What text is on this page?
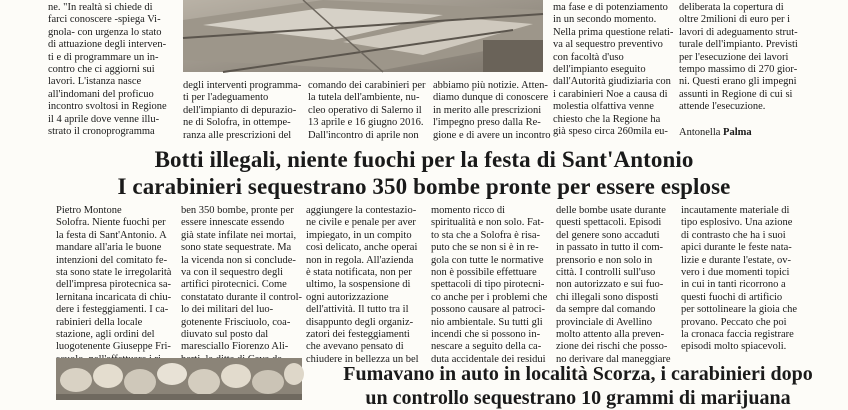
ne. "In realtà si chiede di
farci conoscere -spiega Vi-
gnola- con urgenza lo stato
di attuazione degli interven-
ti e di programmare un in-
contro che ci aggiorni sui
lavori. L'istanza nasce
all'indomani del proficuo
incontro svoltosi in Regione
il 4 aprile dove venne illu-
strato il cronoprogramma

degli interventi programma-
ti per l'adeguamento
dell'impianto di depurazio-
ne di Solofra, in ottempe-
ranza alle prescrizioni del

comando dei carabinieri per
la tutela dell'ambiente, nu-
cleo operativo di Salerno il
13 aprile e 16 giugno 2016.
Dall'incontro di aprile non

abbiamo più notizie. Atten-
diamo dunque di conoscere
in merito alle prescrizioni
l'impegno preso dalla Re-
gione e di avere un incontro

ma fase e di potenziamento
in un secondo momento.
Nella prima questione relati-
va al sequestro preventivo
con facoltà d'uso
dell'impianto eseguito
dall'Autorità giudiziaria con
i carabinieri Noe a causa di
molestia olfattiva venne
chiesto che la Regione ha
già speso circa 260mila eu-

deliberata la copertura di
oltre 2milioni di euro per i
lavori di adeguamento strut-
turale dell'impianto. Previsti
per l'esecuzione dei lavori
tempo massimo di 270 gior-
ni. Questi erano gli impegni
assunti in Regione di cui si
attende l'esecuzione.

Antonella Palma
Botti illegali, niente fuochi per la festa di Sant'Antonio
I carabinieri sequestrano 350 bombe pronte per essere esplose

Pietro Montone

Solofra. Niente fuochi per
la festa di Sant'Antonio. A
mandare all'aria le buone
intenzioni del comitato fe-
sta sono state le irregolarità
dell'impresa pirotecnica sa-
lernitana incaricata di chiu-
dere i festeggiamenti. I ca-
rabinieri della locale
stazione, agli ordini del
luogotenente Giuseppe Fri-

ben 350 bombe, pronte per
essere innescate essendo
già state infilate nei mortai,
sono state sequestrate. Ma
la vicenda non si conclude-
va con il sequestro degli
artifici pirotecnici. Come
constatato durante il control-
lo dei militari del luo-
gotenente Frisciuolo, coa-
diuvato sul posto dal
maresciallo Fiorenzo Ali-

aggiungere la contestazio-
ne civile e penale per aver
impiegato, in un compito
così delicato, anche operai
non in regola. All'azienda
è stata notificata, non per
ultimo, la sospensione di
ogni autorizzazione
dell'attività. Il tutto tra il
disappunto degli organiz-
zatori dei festeggiamenti
che avevano pensato di
chiudere in bellezza un bel

momento ricco di
spiritualità e non solo. Fat-
to sta che a Solofra è risa-
puto che se non si è in re-
gola con tutte le normative
non è possibile effettuare
spettacoli di tipo pirotecni-
co anche per i problemi che
possono causare al patroci-
nio ambientale. Su tutti gli
incendi che si possono in-
nescare a seguito della ca-
duta accidentale dei residui

delle bombe usate durante
questi spettacoli. Episodi
del genere sono accaduti
in passato in tutto il com-
prensorio e non solo in
città. I controlli sull'uso
non autorizzato e sui fuo-
chi illegali sono disposti
da sempre dal comando
provinciale di Avellino
molto attento alla preven-
zione dei rischi che posso-
no derivare dal maneggiare

incautamente materiale di
tipo esplosivo. Una azione
di contrasto che ha i suoi
apici durante le feste nata-
lizie e durante l'estate, ov-
vero i due momenti topici
in cui in tanti ricorrono a
questi fuochi di artificio
per sottolineare la gioia che
provano. Peccato che poi
la cronaca faccia registrare
episodi molto spiacevoli.

Fumavano in auto in località Scorza, i carabinieri dopo
un controllo sequestrano 10 grammi di marijuana
